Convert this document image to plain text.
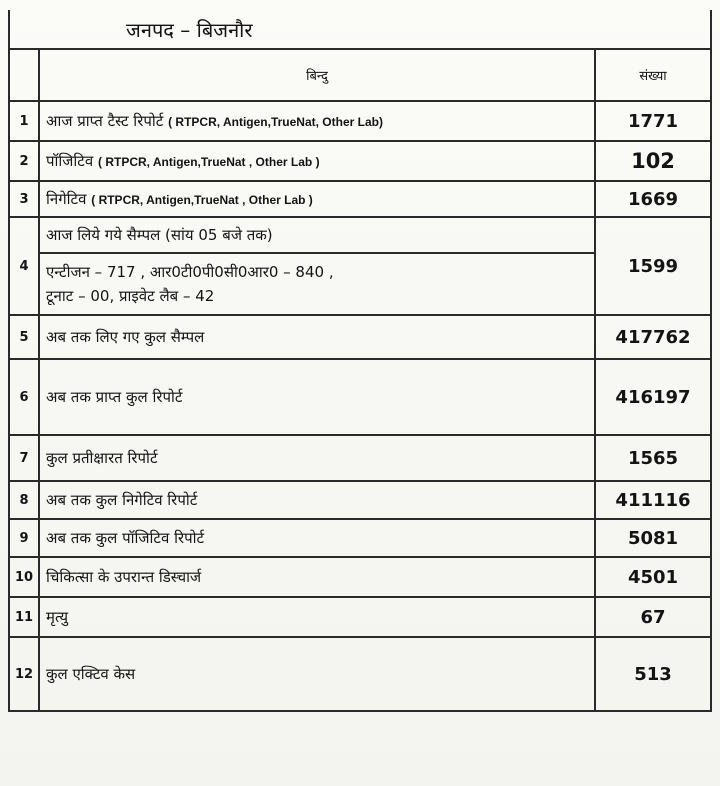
जनपद – बिजनौर		
	बिन्दु	संख्या
1	आज प्राप्त टैस्ट रिपोर्ट ( RTPCR, Antigen,TrueNat, Other Lab)	1771
2	पॉजिटिव ( RTPCR, Antigen,TrueNat , Other Lab )	102
3	निगेटिव ( RTPCR, Antigen,TrueNat , Other Lab )	1669
4	आज लिये गये सैम्पल (सांय 05 बजे तक)	1599

	एन्टीजन – 717 , आर0टी0पी0सी0आर0 – 840 ,
टूनाट – 00, प्राइवेट लैब – 42	

5	अब तक लिए गए कुल सैम्पल	417762
6	अब तक प्राप्त कुल रिपोर्ट	416197
7	कुल प्रतीक्षारत रिपोर्ट	1565
8	अब तक कुल निगेटिव रिपोर्ट	411116
9	अब तक कुल पॉजिटिव रिपोर्ट	5081
10	चिकित्सा के उपरान्त डिस्चार्ज	4501
11	मृत्यु	67
12	कुल एक्टिव केस	513
